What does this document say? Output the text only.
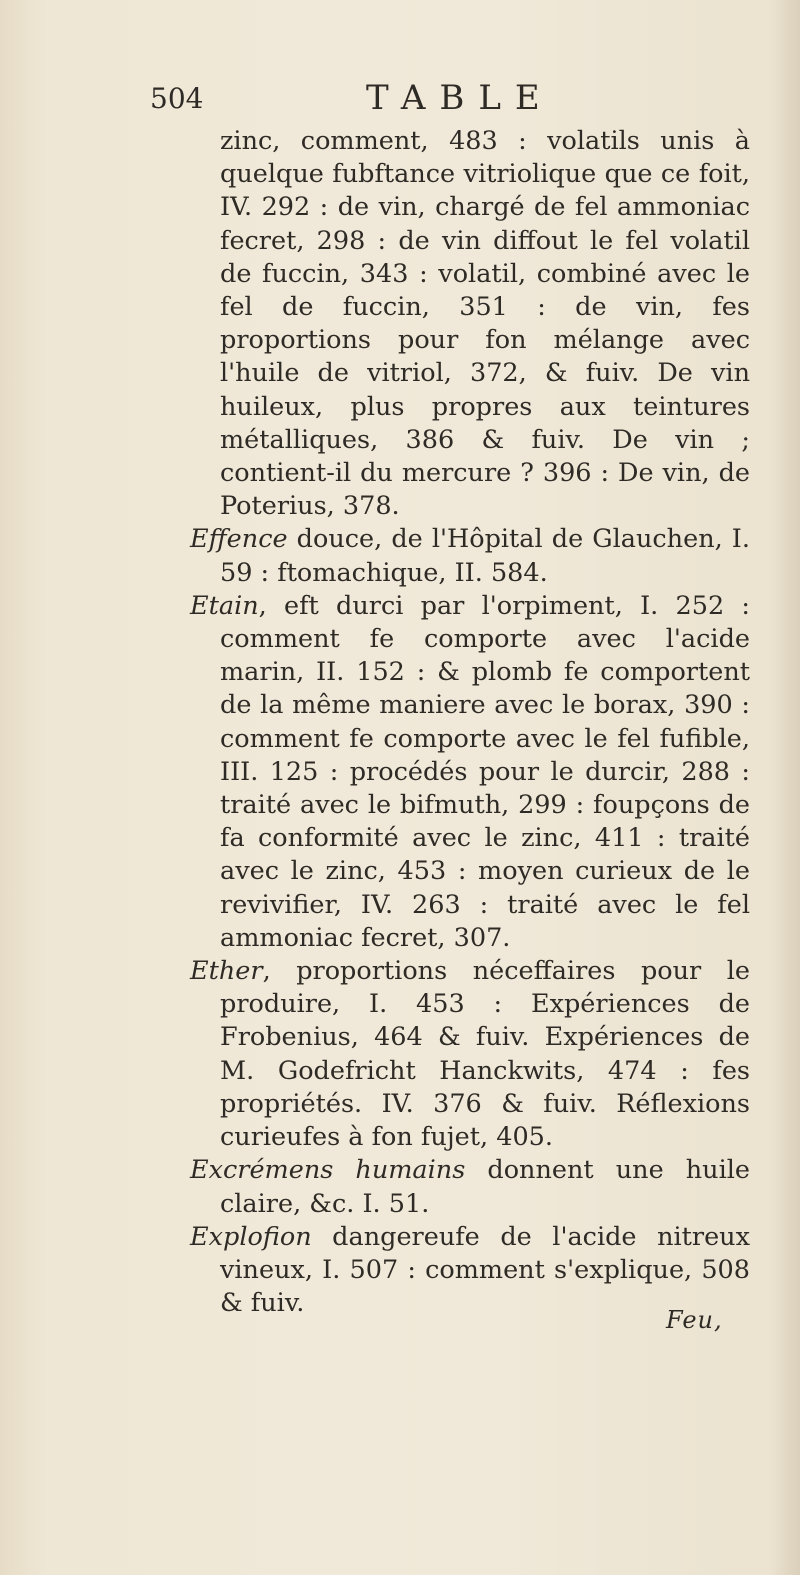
504	TABLE

zinc, comment, 483 : volatils unis à quelque fubftance vitriolique que ce foit, IV. 292 : de vin, chargé de fel ammoniac fecret, 298 : de vin diffout le fel volatil de fuccin, 343 : volatil, combiné avec le fel de fuccin, 351 : de vin, fes proportions pour fon mélange avec l'huile de vitriol, 372, & fuiv. De vin huileux, plus propres aux teintures métalliques, 386 & fuiv. De vin ; contient-il du mercure ? 396 : De vin, de Poterius, 378.

Effence douce, de l'Hôpital de Glauchen, I. 59 : ftomachique, II. 584.

Etain, eft durci par l'orpiment, I. 252 : comment fe comporte avec l'acide marin, II. 152 : & plomb fe comportent de la même maniere avec le borax, 390 : comment fe comporte avec le fel fufible, III. 125 : procédés pour le durcir, 288 : traité avec le bifmuth, 299 : foupçons de fa conformité avec le zinc, 411 : traité avec le zinc, 453 : moyen curieux de le revivifier, IV. 263 : traité avec le fel ammoniac fecret, 307.

Ether, proportions néceffaires pour le produire, I. 453 : Expériences de Frobenius, 464 & fuiv. Expériences de M. Godefricht Hanckwits, 474 : fes propriétés. IV. 376 & fuiv. Réflexions curieufes à fon fujet, 405.

Excrémens humains donnent une huile claire, &c. I. 51.

Explofion dangereufe de l'acide nitreux vineux, I. 507 : comment s'explique, 508 & fuiv.

Feu,
